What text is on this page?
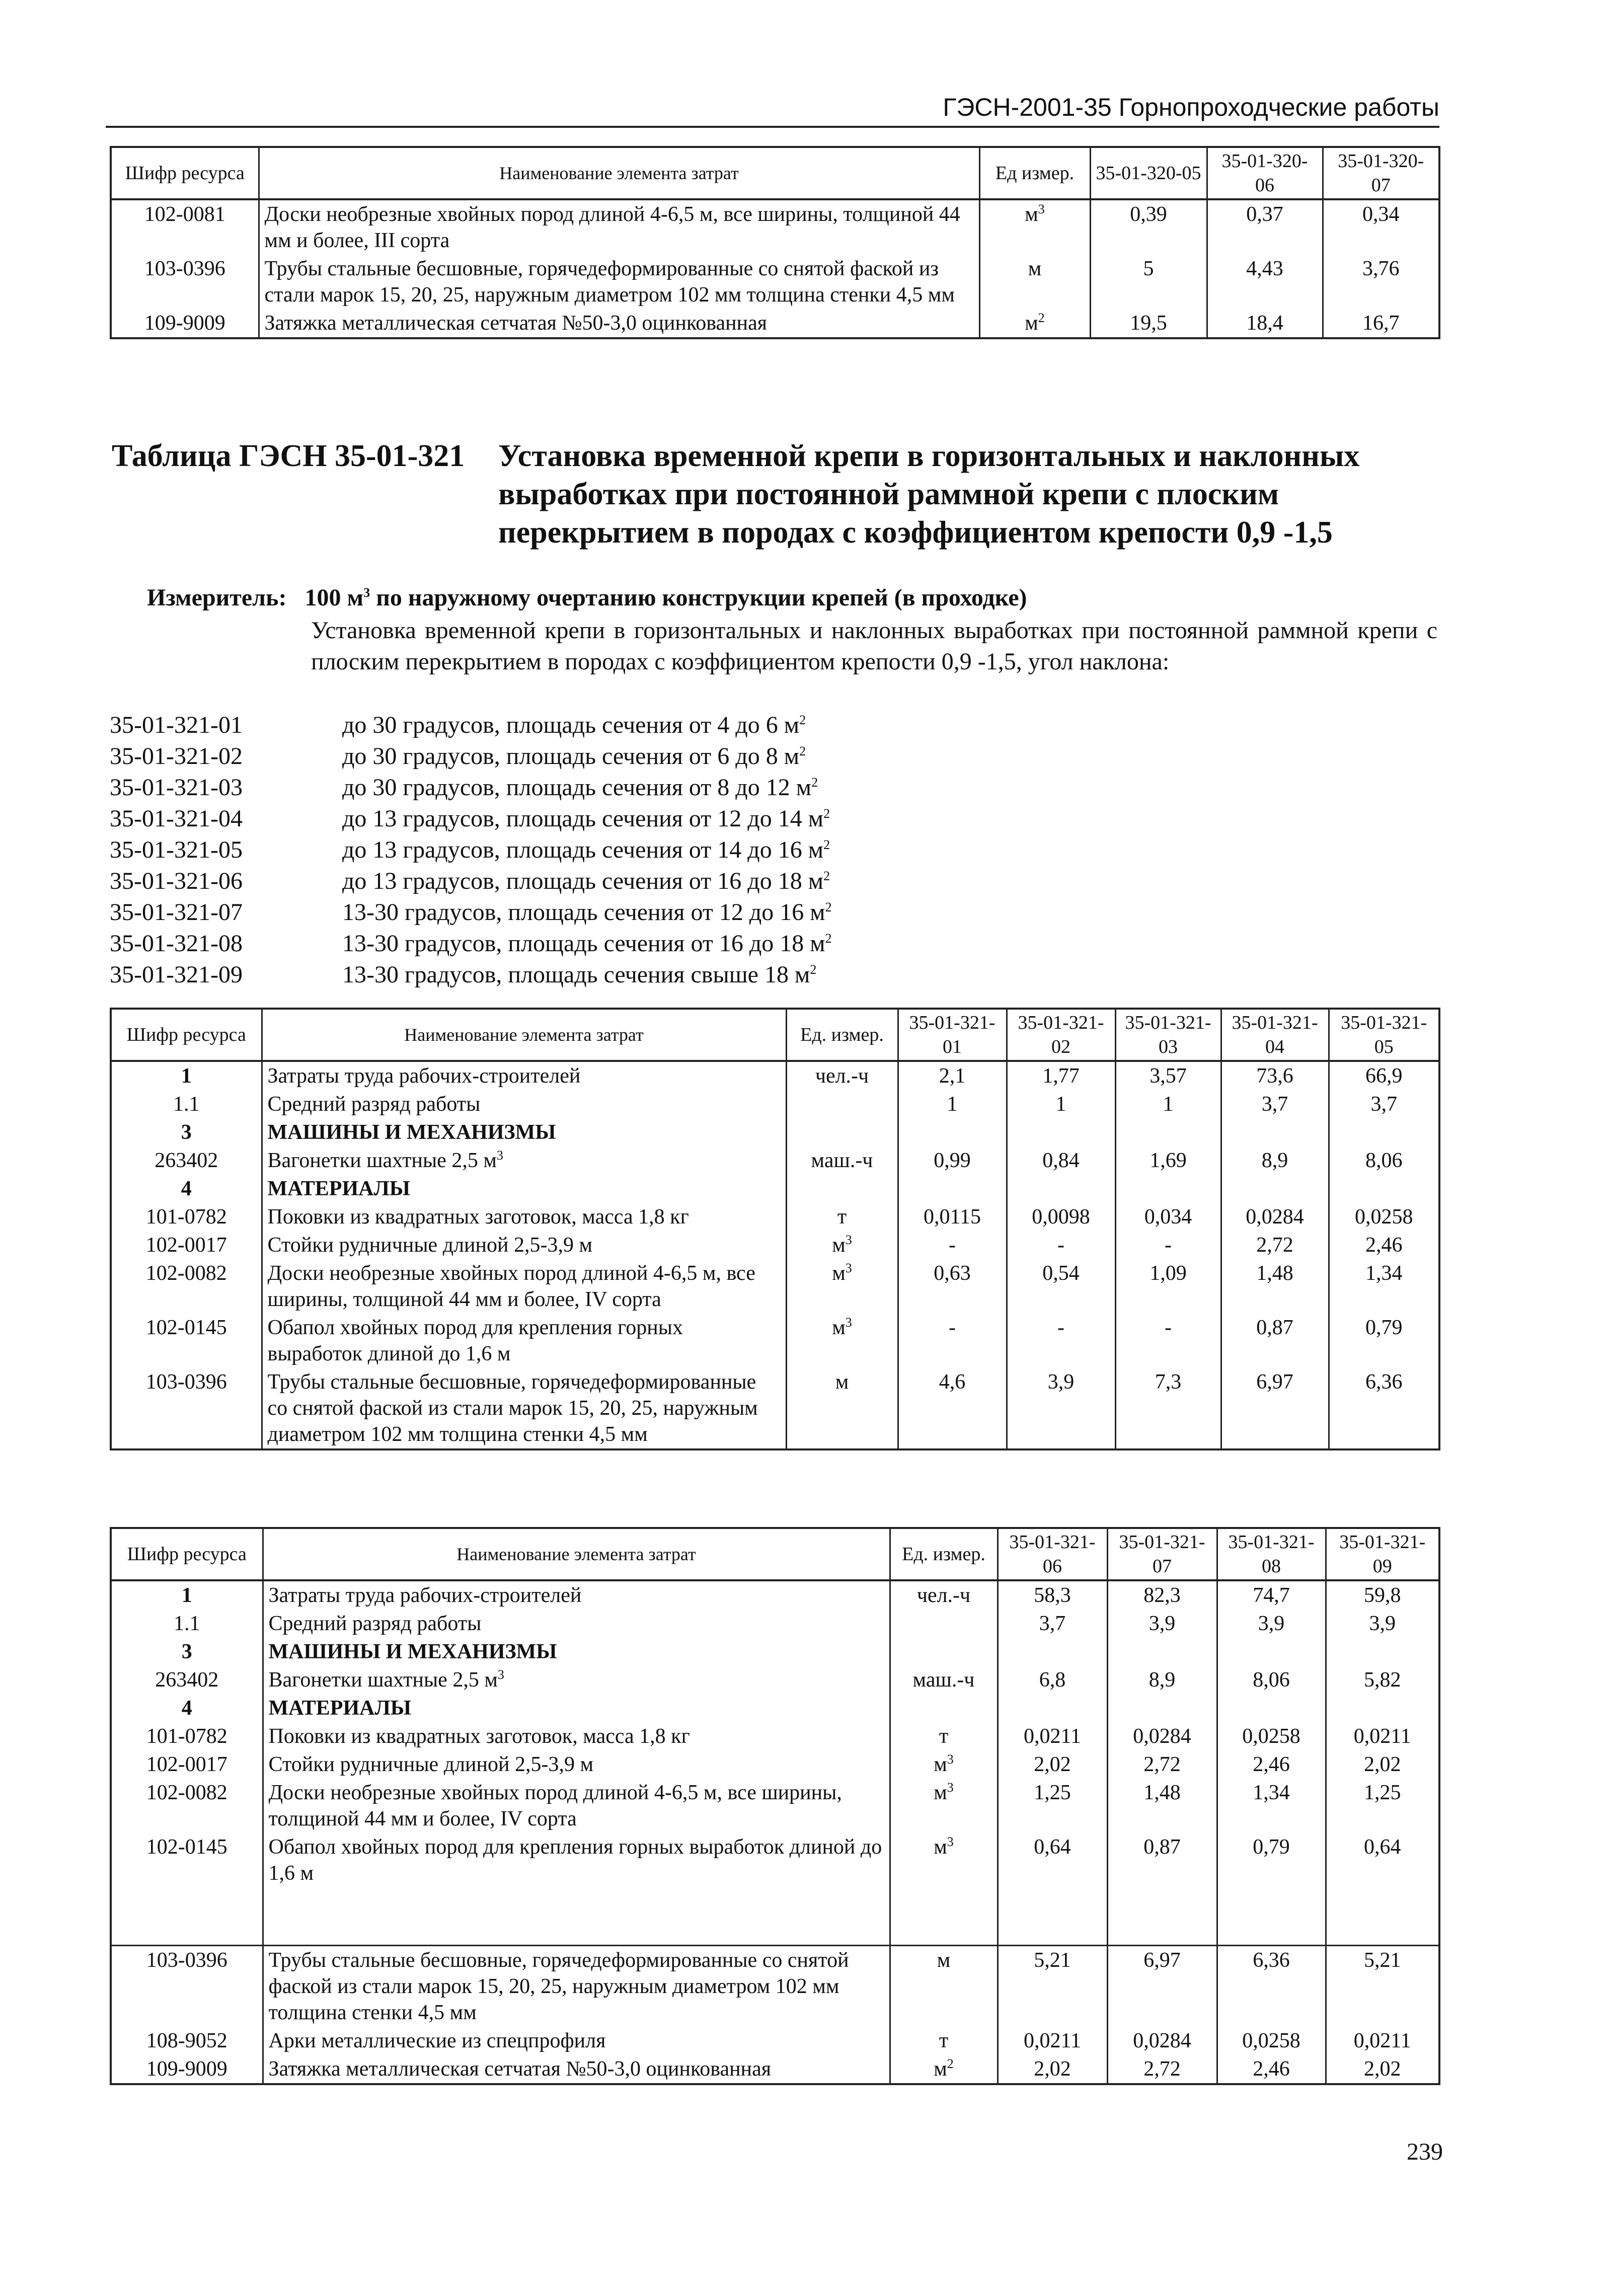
ГЭСН-2001-35 Горнопроходческие работы
Шифр ресурса	Наименование элемента затрат	Ед измер.	35-01-320-05	35-01-320-06	35-01-320-07
102-0081	Доски необрезные хвойных пород длиной 4-6,5 м, все ширины, толщиной 44 мм и более, III сорта	$м^3$	0,39	0,37	0,34
103-0396	Трубы стальные бесшовные, горячедеформированные со снятой фаской из стали марок 15, 20, 25, наружным диаметром 102 мм толщина стенки 4,5 мм	м	5	4,43	3,76
109-9009	Затяжка металлическая сетчатая №50-3,0 оцинкованная	$м^2$	19,5	18,4	16,7
Таблица ГЭСН 35-01-321 Установка временной крепи в горизонтальных и наклонных выработках при постоянной раммной крепи с плоским перекрытием в породах с коэффициентом крепости 0,9 -1,5
Измеритель: 100 $м^3$ по наружному очертанию конструкции крепей (в проходке)
Установка временной крепи в горизонтальных и наклонных выработках при постоянной раммной крепи с плоским перекрытием в породах с коэффициентом крепости 0,9 -1,5, угол наклона:
35-01-321-01	до 30 градусов, площадь сечения от 4 до 6 $м^2$
35-01-321-02	до 30 градусов, площадь сечения от 6 до 8 $м^2$
35-01-321-03	до 30 градусов, площадь сечения от 8 до 12 $м^2$
35-01-321-04	до 13 градусов, площадь сечения от 12 до 14 $м^2$
35-01-321-05	до 13 градусов, площадь сечения от 14 до 16 $м^2$
35-01-321-06	до 13 градусов, площадь сечения от 16 до 18 $м^2$
35-01-321-07	13-30 градусов, площадь сечения от 12 до 16 $м^2$
35-01-321-08	13-30 градусов, площадь сечения от 16 до 18 $м^2$
35-01-321-09	13-30 градусов, площадь сечения свыше 18 $м^2$
Шифр ресурса	Наименование элемента затрат	Ед. измер.	35-01-321-01	35-01-321-02	35-01-321-03	35-01-321-04	35-01-321-05
1	Затраты труда рабочих-строителей	чел.-ч	2,1	1,77	3,57	73,6	66,9
1.1	Средний разряд работы		1	1	1	3,7	3,7
3	МАШИНЫ И МЕХАНИЗМЫ						
263402	Вагонетки шахтные 2,5 $м^3$	маш.-ч	0,99	0,84	1,69	8,9	8,06
4	МАТЕРИАЛЫ						
101-0782	Поковки из квадратных заготовок, масса 1,8 кг	т	0,0115	0,0098	0,034	0,0284	0,0258
102-0017	Стойки рудничные длиной 2,5-3,9 м	$м^3$	-	-	-	2,72	2,46
102-0082	Доски необрезные хвойных пород длиной 4-6,5 м, все ширины, толщиной 44 мм и более, IV сорта	$м^3$	0,63	0,54	1,09	1,48	1,34
102-0145	Обапол хвойных пород для крепления горных выработок длиной до 1,6 м	$м^3$	-	-	-	0,87	0,79
103-0396	Трубы стальные бесшовные, горячедеформированные со снятой фаской из стали марок 15, 20, 25, наружным диаметром 102 мм толщина стенки 4,5 мм	м	4,6	3,9	7,3	6,97	6,36
Шифр ресурса	Наименование элемента затрат	Ед. измер.	35-01-321-06	35-01-321-07	35-01-321-08	35-01-321-09
1	Затраты труда рабочих-строителей	чел.-ч	58,3	82,3	74,7	59,8
1.1	Средний разряд работы		3,7	3,9	3,9	3,9
3	МАШИНЫ И МЕХАНИЗМЫ					
263402	Вагонетки шахтные 2,5 $м^3$	маш.-ч	6,8	8,9	8,06	5,82
4	МАТЕРИАЛЫ					
101-0782	Поковки из квадратных заготовок, масса 1,8 кг	т	0,0211	0,0284	0,0258	0,0211
102-0017	Стойки рудничные длиной 2,5-3,9 м	$м^3$	2,02	2,72	2,46	2,02
102-0082	Доски необрезные хвойных пород длиной 4-6,5 м, все ширины, толщиной 44 мм и более, IV сорта	$м^3$	1,25	1,48	1,34	1,25
102-0145	Обапол хвойных пород для крепления горных выработок длиной до 1,6 м	$м^3$	0,64	0,87	0,79	0,64

103-0396	Трубы стальные бесшовные, горячедеформированные со снятой фаской из стали марок 15, 20, 25, наружным диаметром 102 мм толщина стенки 4,5 мм	м	5,21	6,97	6,36	5,21
108-9052	Арки металлические из спецпрофиля	т	0,0211	0,0284	0,0258	0,0211
109-9009	Затяжка металлическая сетчатая №50-3,0 оцинкованная	$м^2$	2,02	2,72	2,46	2,02
239
